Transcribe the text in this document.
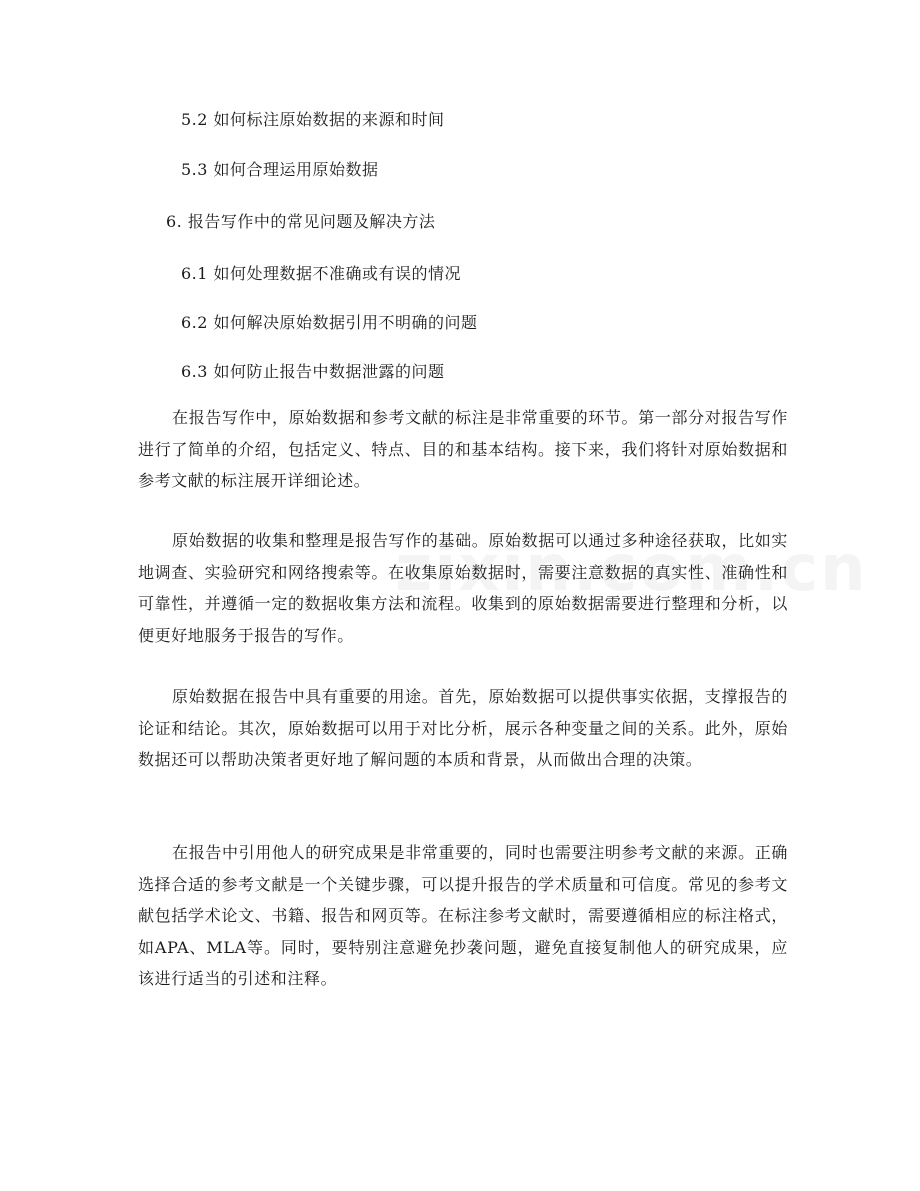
5.2 如何标注原始数据的来源和时间
5.3 如何合理运用原始数据
6. 报告写作中的常见问题及解决方法
6.1 如何处理数据不准确或有误的情况
6.2 如何解决原始数据引用不明确的问题
6.3 如何防止报告中数据泄露的问题

在报告写作中，原始数据和参考文献的标注是非常重要的环节。第一部分对报告写作进行了简单的介绍，包括定义、特点、目的和基本结构。接下来，我们将针对原始数据和参考文献的标注展开详细论述。

原始数据的收集和整理是报告写作的基础。原始数据可以通过多种途径获取，比如实地调查、实验研究和网络搜索等。在收集原始数据时，需要注意数据的真实性、准确性和可靠性，并遵循一定的数据收集方法和流程。收集到的原始数据需要进行整理和分析，以便更好地服务于报告的写作。

原始数据在报告中具有重要的用途。首先，原始数据可以提供事实依据，支撑报告的论证和结论。其次，原始数据可以用于对比分析，展示各种变量之间的关系。此外，原始数据还可以帮助决策者更好地了解问题的本质和背景，从而做出合理的决策。

在报告中引用他人的研究成果是非常重要的，同时也需要注明参考文献的来源。正确选择合适的参考文献是一个关键步骤，可以提升报告的学术质量和可信度。常见的参考文献包括学术论文、书籍、报告和网页等。在标注参考文献时，需要遵循相应的标注格式，如APA、MLA等。同时，要特别注意避免抄袭问题，避免直接复制他人的研究成果，应该进行适当的引述和注释。
